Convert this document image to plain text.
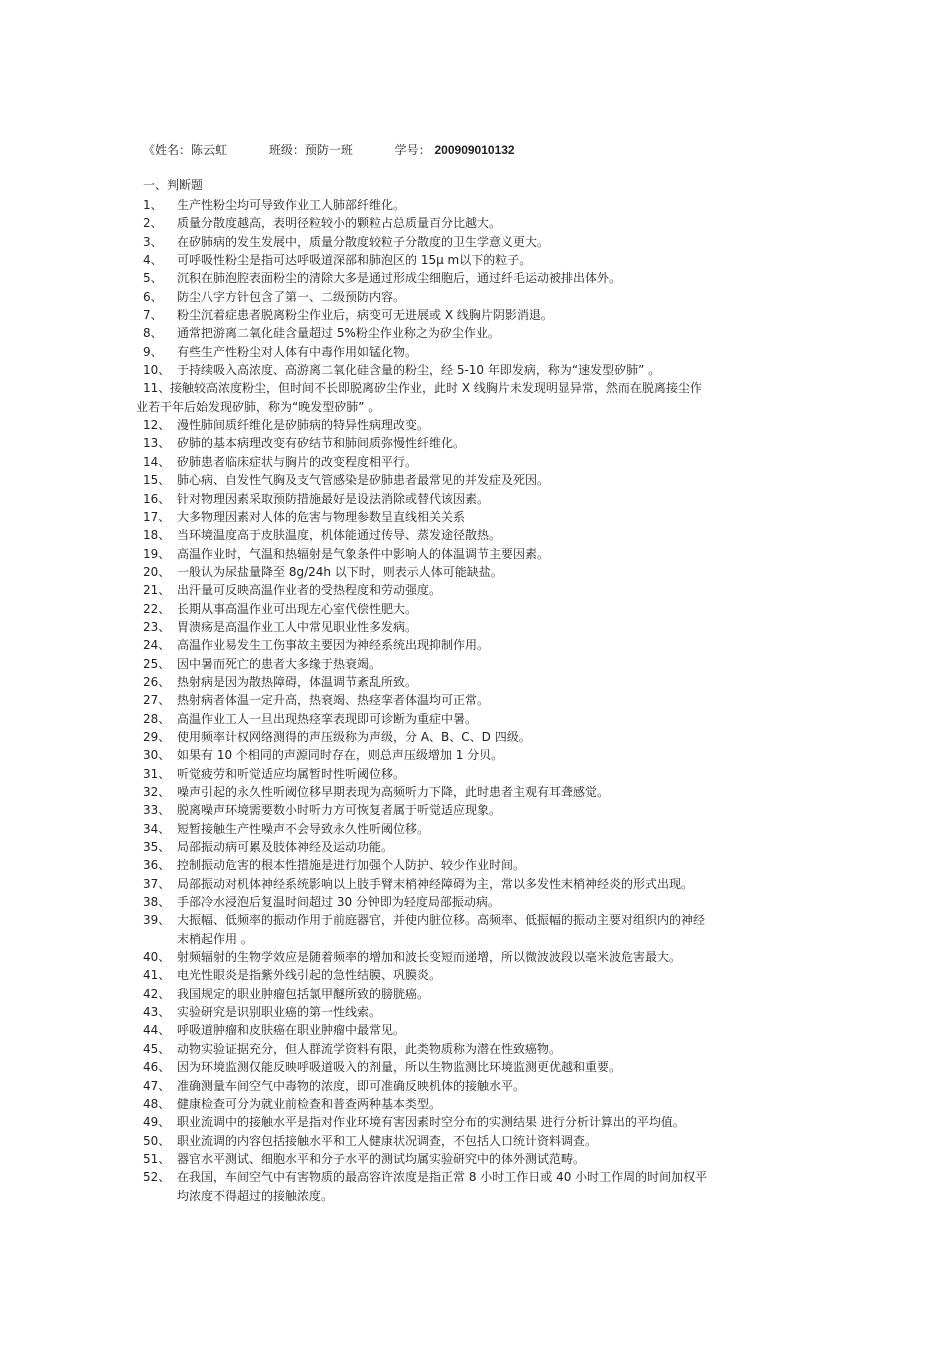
《姓名：陈云虹	班级：预防一班	学号： 200909010132
一、判断题
1、 生产性粉尘均可导致作业工人肺部纤维化。
2、 质量分散度越高，表明径粒较小的颗粒占总质量百分比越大。
3、 在矽肺病的发生发展中，质量分散度较粒子分散度的卫生学意义更大。
4、 可呼吸性粉尘是指可达呼吸道深部和肺泡区的 15μ m以下的粒子。
5、 沉积在肺泡腔表面粉尘的清除大多是通过形成尘细胞后，通过纤毛运动被排出体外。
6、 防尘八字方针包含了第一、二级预防内容。
7、 粉尘沉着症患者脱离粉尘作业后，病变可无进展或 X 线胸片阴影消退。
8、 通常把游离二氧化硅含量超过 5%粉尘作业称之为矽尘作业。
9、 有些生产性粉尘对人体有中毒作用如锰化物。
10、 于持续吸入高浓度、高游离二氧化硅含量的粉尘，经 5-10 年即发病，称为“速发型矽肺” 。
11、 接触较高浓度粉尘，但时间不长即脱离矽尘作业，此时 X 线胸片未发现明显异常，然而在脱离接尘作
业若干年后始发现矽肺，称为“晚发型矽肺” 。
12、 漫性肺间质纤维化是矽肺病的特异性病理改变。
13、 矽肺的基本病理改变有矽结节和肺间质弥慢性纤维化。
14、 矽肺患者临床症状与胸片的改变程度相平行。
15、 肺心病、自发性气胸及支气管感染是矽肺患者最常见的并发症及死因。
16、 针对物理因素采取预防措施最好是设法消除或替代该因素。
17、 大多物理因素对人体的危害与物理参数呈直线相关关系
18、 当环境温度高于皮肤温度，机体能通过传导、蒸发途径散热。
19、 高温作业时，气温和热辐射是气象条件中影响人的体温调节主要因素。
20、 一般认为尿盐量降至 8g/24h 以下时，则表示人体可能缺盐。
21、 出汗量可反映高温作业者的受热程度和劳动强度。
22、 长期从事高温作业可出现左心室代偿性肥大。
23、 胃溃疡是高温作业工人中常见职业性多发病。
24、 高温作业易发生工伤事故主要因为神经系统出现抑制作用。
25、 因中暑而死亡的患者大多缘于热衰竭。
26、 热射病是因为散热障碍，体温调节紊乱所致。
27、 热射病者体温一定升高，热衰竭、热痉挛者体温均可正常。
28、 高温作业工人一旦出现热痉挛表现即可诊断为重症中暑。
29、 使用频率计权网络测得的声压级称为声级，分 A、B、C、D 四级。
30、 如果有 10 个相同的声源同时存在，则总声压级增加 1 分贝。
31、 听觉疲劳和听觉适应均属暂时性听阈位移。
32、 噪声引起的永久性听阈位移早期表现为高频听力下降，此时患者主观有耳聋感觉。
33、 脱离噪声环境需要数小时听力方可恢复者属于听觉适应现象。
34、 短暂接触生产性噪声不会导致永久性听阈位移。
35、 局部振动病可累及肢体神经及运动功能。
36、 控制振动危害的根本性措施是进行加强个人防护、较少作业时间。
37、 局部振动对机体神经系统影响以上肢手臂末梢神经障碍为主，常以多发性末梢神经炎的形式出现。
38、 手部冷水浸泡后复温时间超过 30 分钟即为轻度局部振动病。
39、 大振幅、低频率的振动作用于前庭器官，并使内脏位移。高频率、低振幅的振动主要对组织内的神经
末梢起作用 。
40、 射频辐射的生物学效应是随着频率的增加和波长变短而递增，所以微波波段以毫米波危害最大。
41、 电光性眼炎是指紫外线引起的急性结膜、巩膜炎。
42、 我国规定的职业肿瘤包括氯甲醚所致的膀胱癌。
43、 实验研究是识别职业癌的第一性线索。
44、 呼吸道肿瘤和皮肤癌在职业肿瘤中最常见。
45、 动物实验证据充分，但人群流学资料有限，此类物质称为潜在性致癌物。
46、 因为环境监测仅能反映呼吸道吸入的剂量，所以生物监测比环境监测更优越和重要。
47、 准确测量车间空气中毒物的浓度，即可准确反映机体的接触水平。
48、 健康检查可分为就业前检查和普查两种基本类型。
49、 职业流调中的接触水平是指对作业环境有害因素时空分布的实测结果 进行分析计算出的平均值。
50、 职业流调的内容包括接触水平和工人健康状况调查，不包括人口统计资料调查。
51、 器官水平测试、细胞水平和分子水平的测试均属实验研究中的体外测试范畴。
52、 在我国，车间空气中有害物质的最高容许浓度是指正常 8 小时工作日或 40 小时工作周的时间加权平
均浓度不得超过的接触浓度。
